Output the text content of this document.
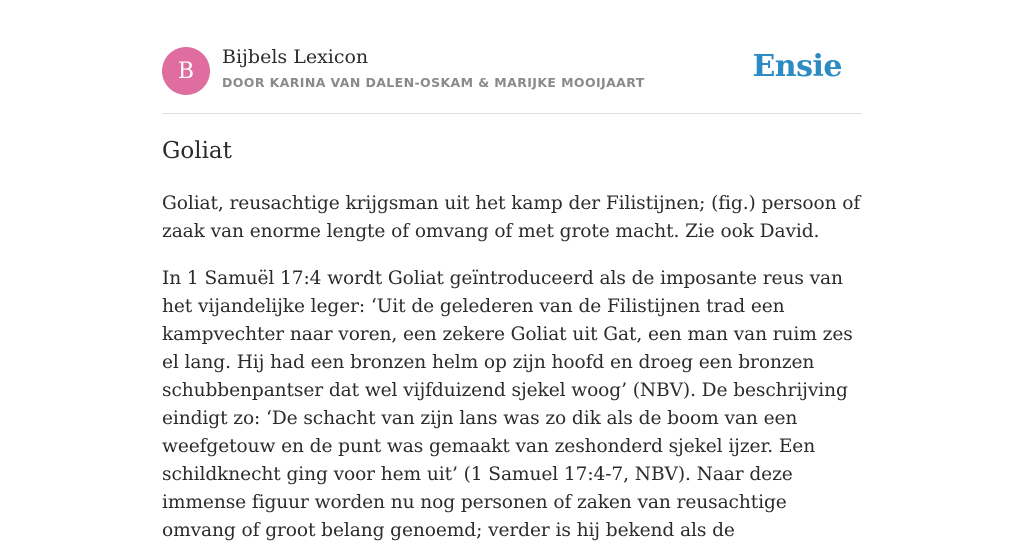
B
Bijbels Lexicon
DOOR KARINA VAN DALEN-OSKAM & MARIJKE MOOIJAART	Ensie
Goliat

Goliat, reusachtige krijgsman uit het kamp der Filistijnen; (fig.) persoon of zaak van enorme lengte of omvang of met grote macht. Zie ook David.

In 1 Samuël 17:4 wordt Goliat geïntroduceerd als de imposante reus van het vijandelijke leger: ‘Uit de gelederen van de Filistijnen trad een kampvechter naar voren, een zekere Goliat uit Gat, een man van ruim zes el lang. Hij had een bronzen helm op zijn hoofd en droeg een bronzen schubbenpantser dat wel vijfduizend sjekel woog’ (NBV). De beschrijving eindigt zo: ‘De schacht van zijn lans was zo dik als de boom van een weefgetouw en de punt was gemaakt van zeshonderd sjekel ijzer. Een schildknecht ging voor hem uit’ (1 Samuel 17:4-7, NBV). Naar deze immense figuur worden nu nog personen of zaken van reusachtige omvang of groot belang genoemd; verder is hij bekend als de
